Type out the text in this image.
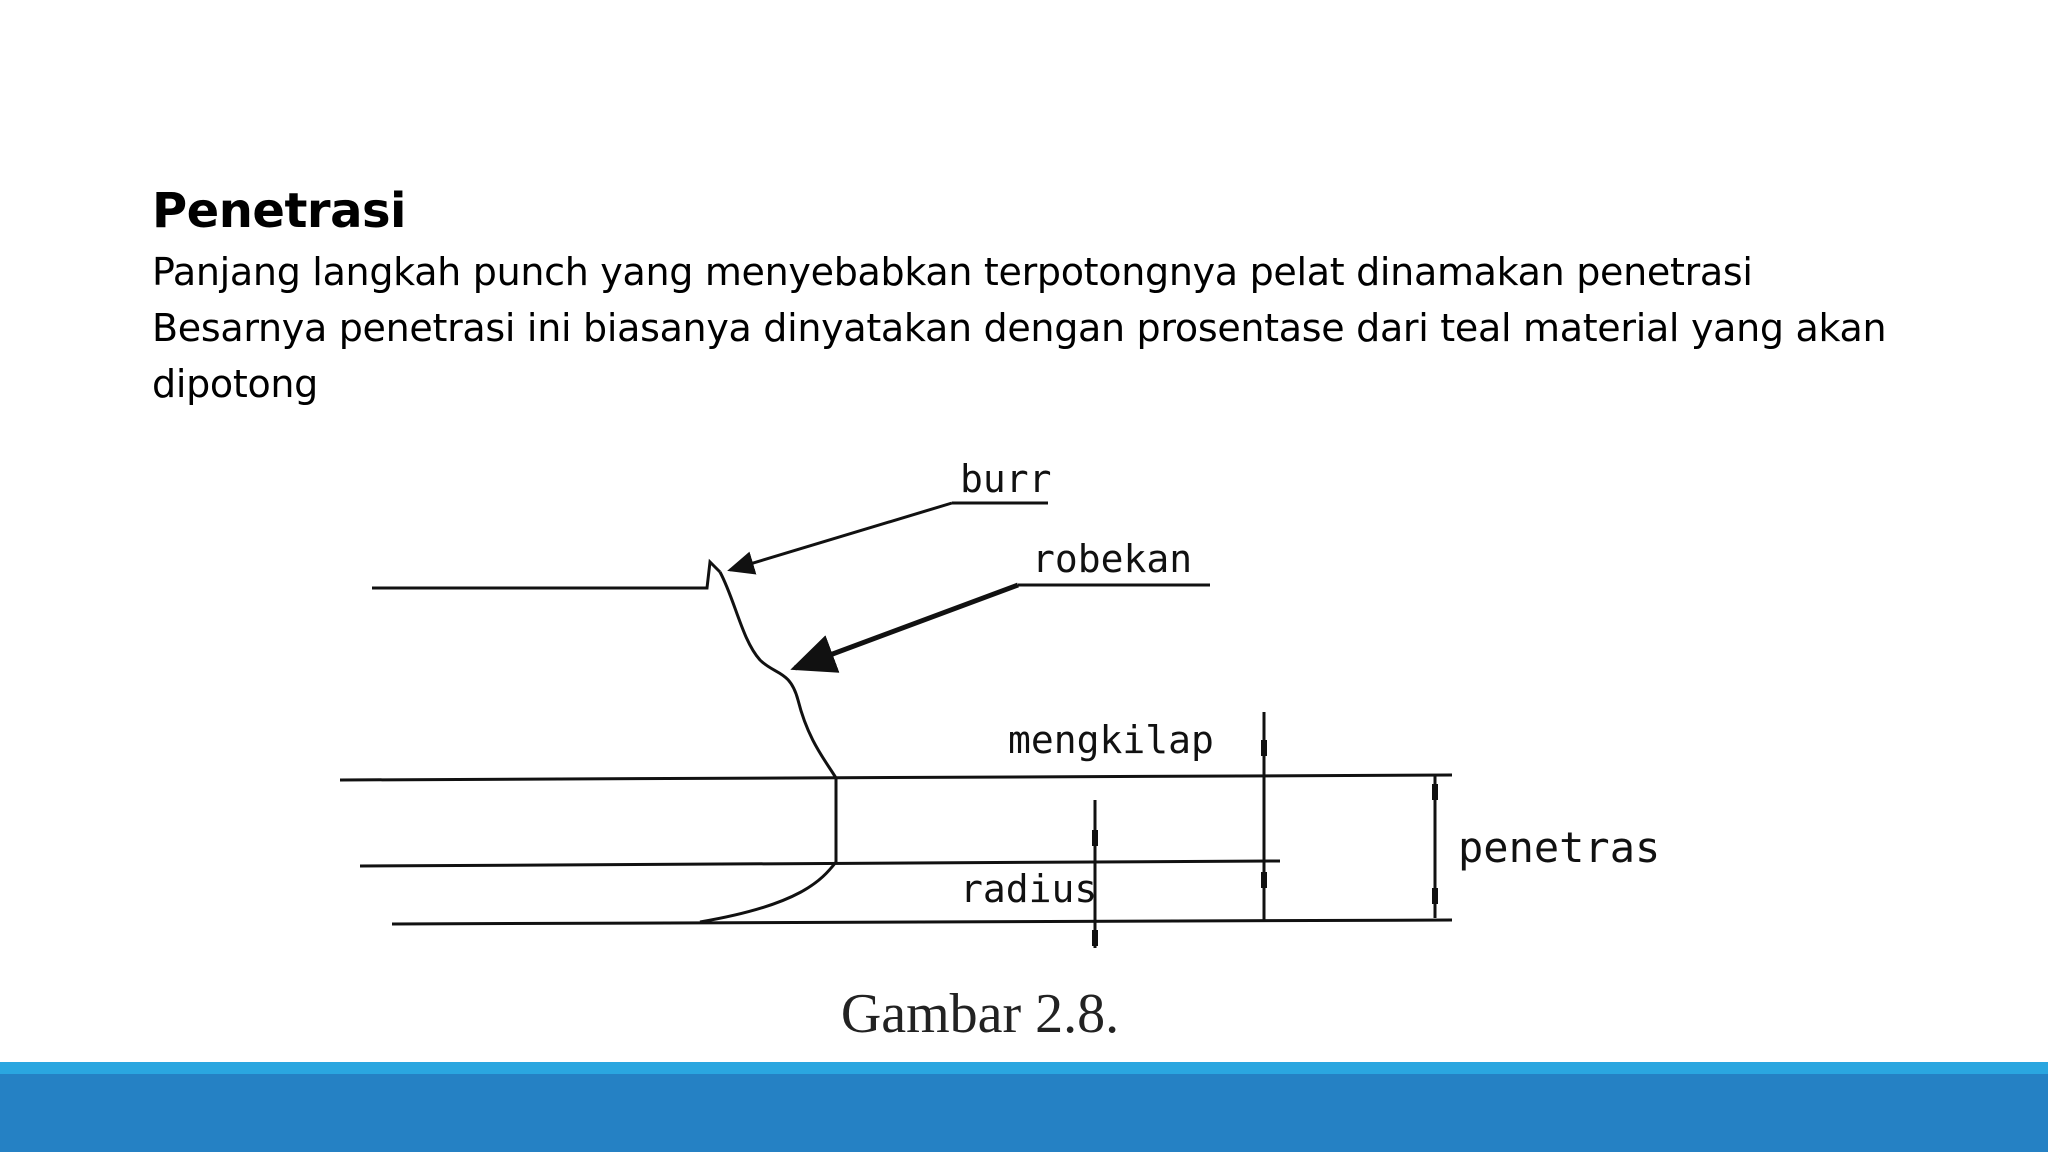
Penetrasi
Panjang langkah punch yang menyebabkan terpotongnya pelat dinamakan penetrasi
Besarnya penetrasi ini biasanya dinyatakan dengan prosentase dari teal material yang akan
dipotong
burr
robekan
mengkilap
radius
penetras
Gambar 2.8.
